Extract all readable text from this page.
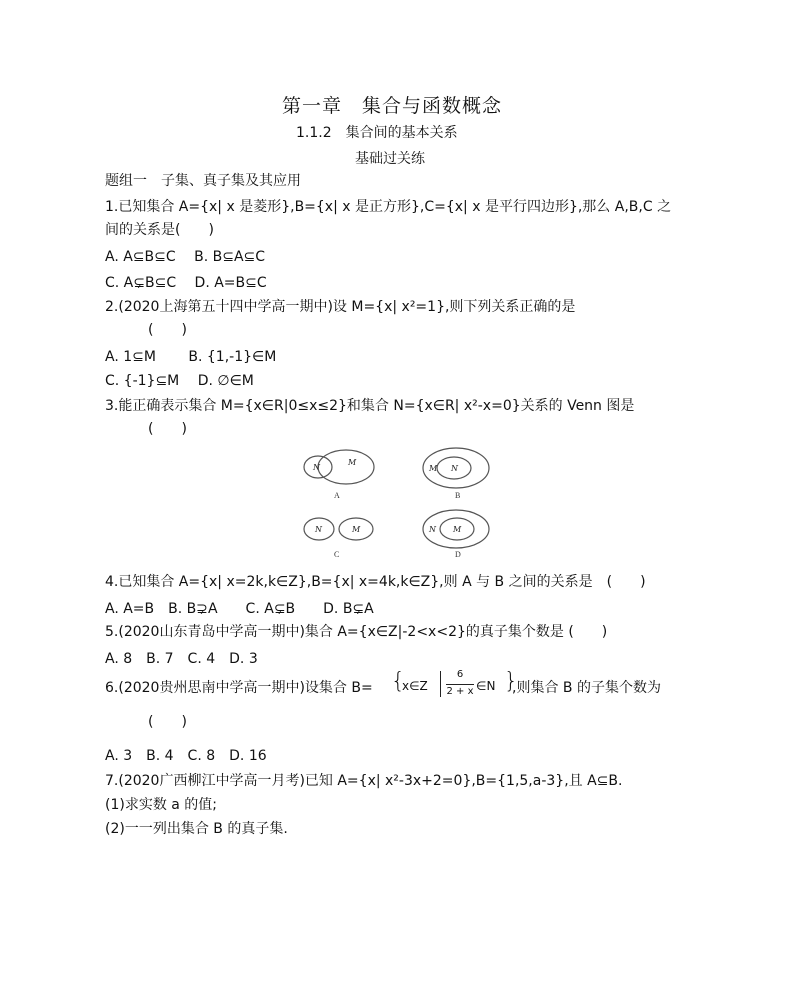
第一章　集合与函数概念
1.1.2　集合间的基本关系
基础过关练
题组一　子集、真子集及其应用
1.已知集合 A={x| x 是菱形},B={x| x 是正方形},C={x| x 是平行四边形},那么 A,B,C 之
间的关系是(　　)
A. A⊆B⊆C　 B. B⊆A⊆C
C. A⊊B⊆C　 D. A=B⊆C
2.(2020上海第五十四中学高一期中)设 M={x| x²=1},则下列关系正确的是
(　　)
A. 1⊆M　　 B. {1,-1}∈M
C. {-1}⊆M　 D. ∅∈M
3.能正确表示集合 M={x∈R|0≤x≤2}和集合 N={x∈R| x²-x=0}关系的 Venn 图是
(　　)
N
M
A
M N
B
N	M
C
N M
D
4.已知集合 A={x| x=2k,k∈Z},B={x| x=4k,k∈Z},则 A 与 B 之间的关系是　(　　)
A. A=B　B. B⊋A　　C. A⊊B　　D. B⊊A
5.(2020山东青岛中学高一期中)集合 A={x∈Z|-2<x<2}的真子集个数是 (　　)
A. 8　B. 7　C. 4　D. 3
6.(2020贵州思南中学高一期中)设集合 B= {
x∈Z
6
2 + x ∈N }
,则集合 B 的子集个数为
(　　)
A. 3　B. 4　C. 8　D. 16
7.(2020广西柳江中学高一月考)已知 A={x| x²-3x+2=0},B={1,5,a-3},且 A⊆B.
(1)求实数 a 的值;
(2)一一列出集合 B 的真子集.
